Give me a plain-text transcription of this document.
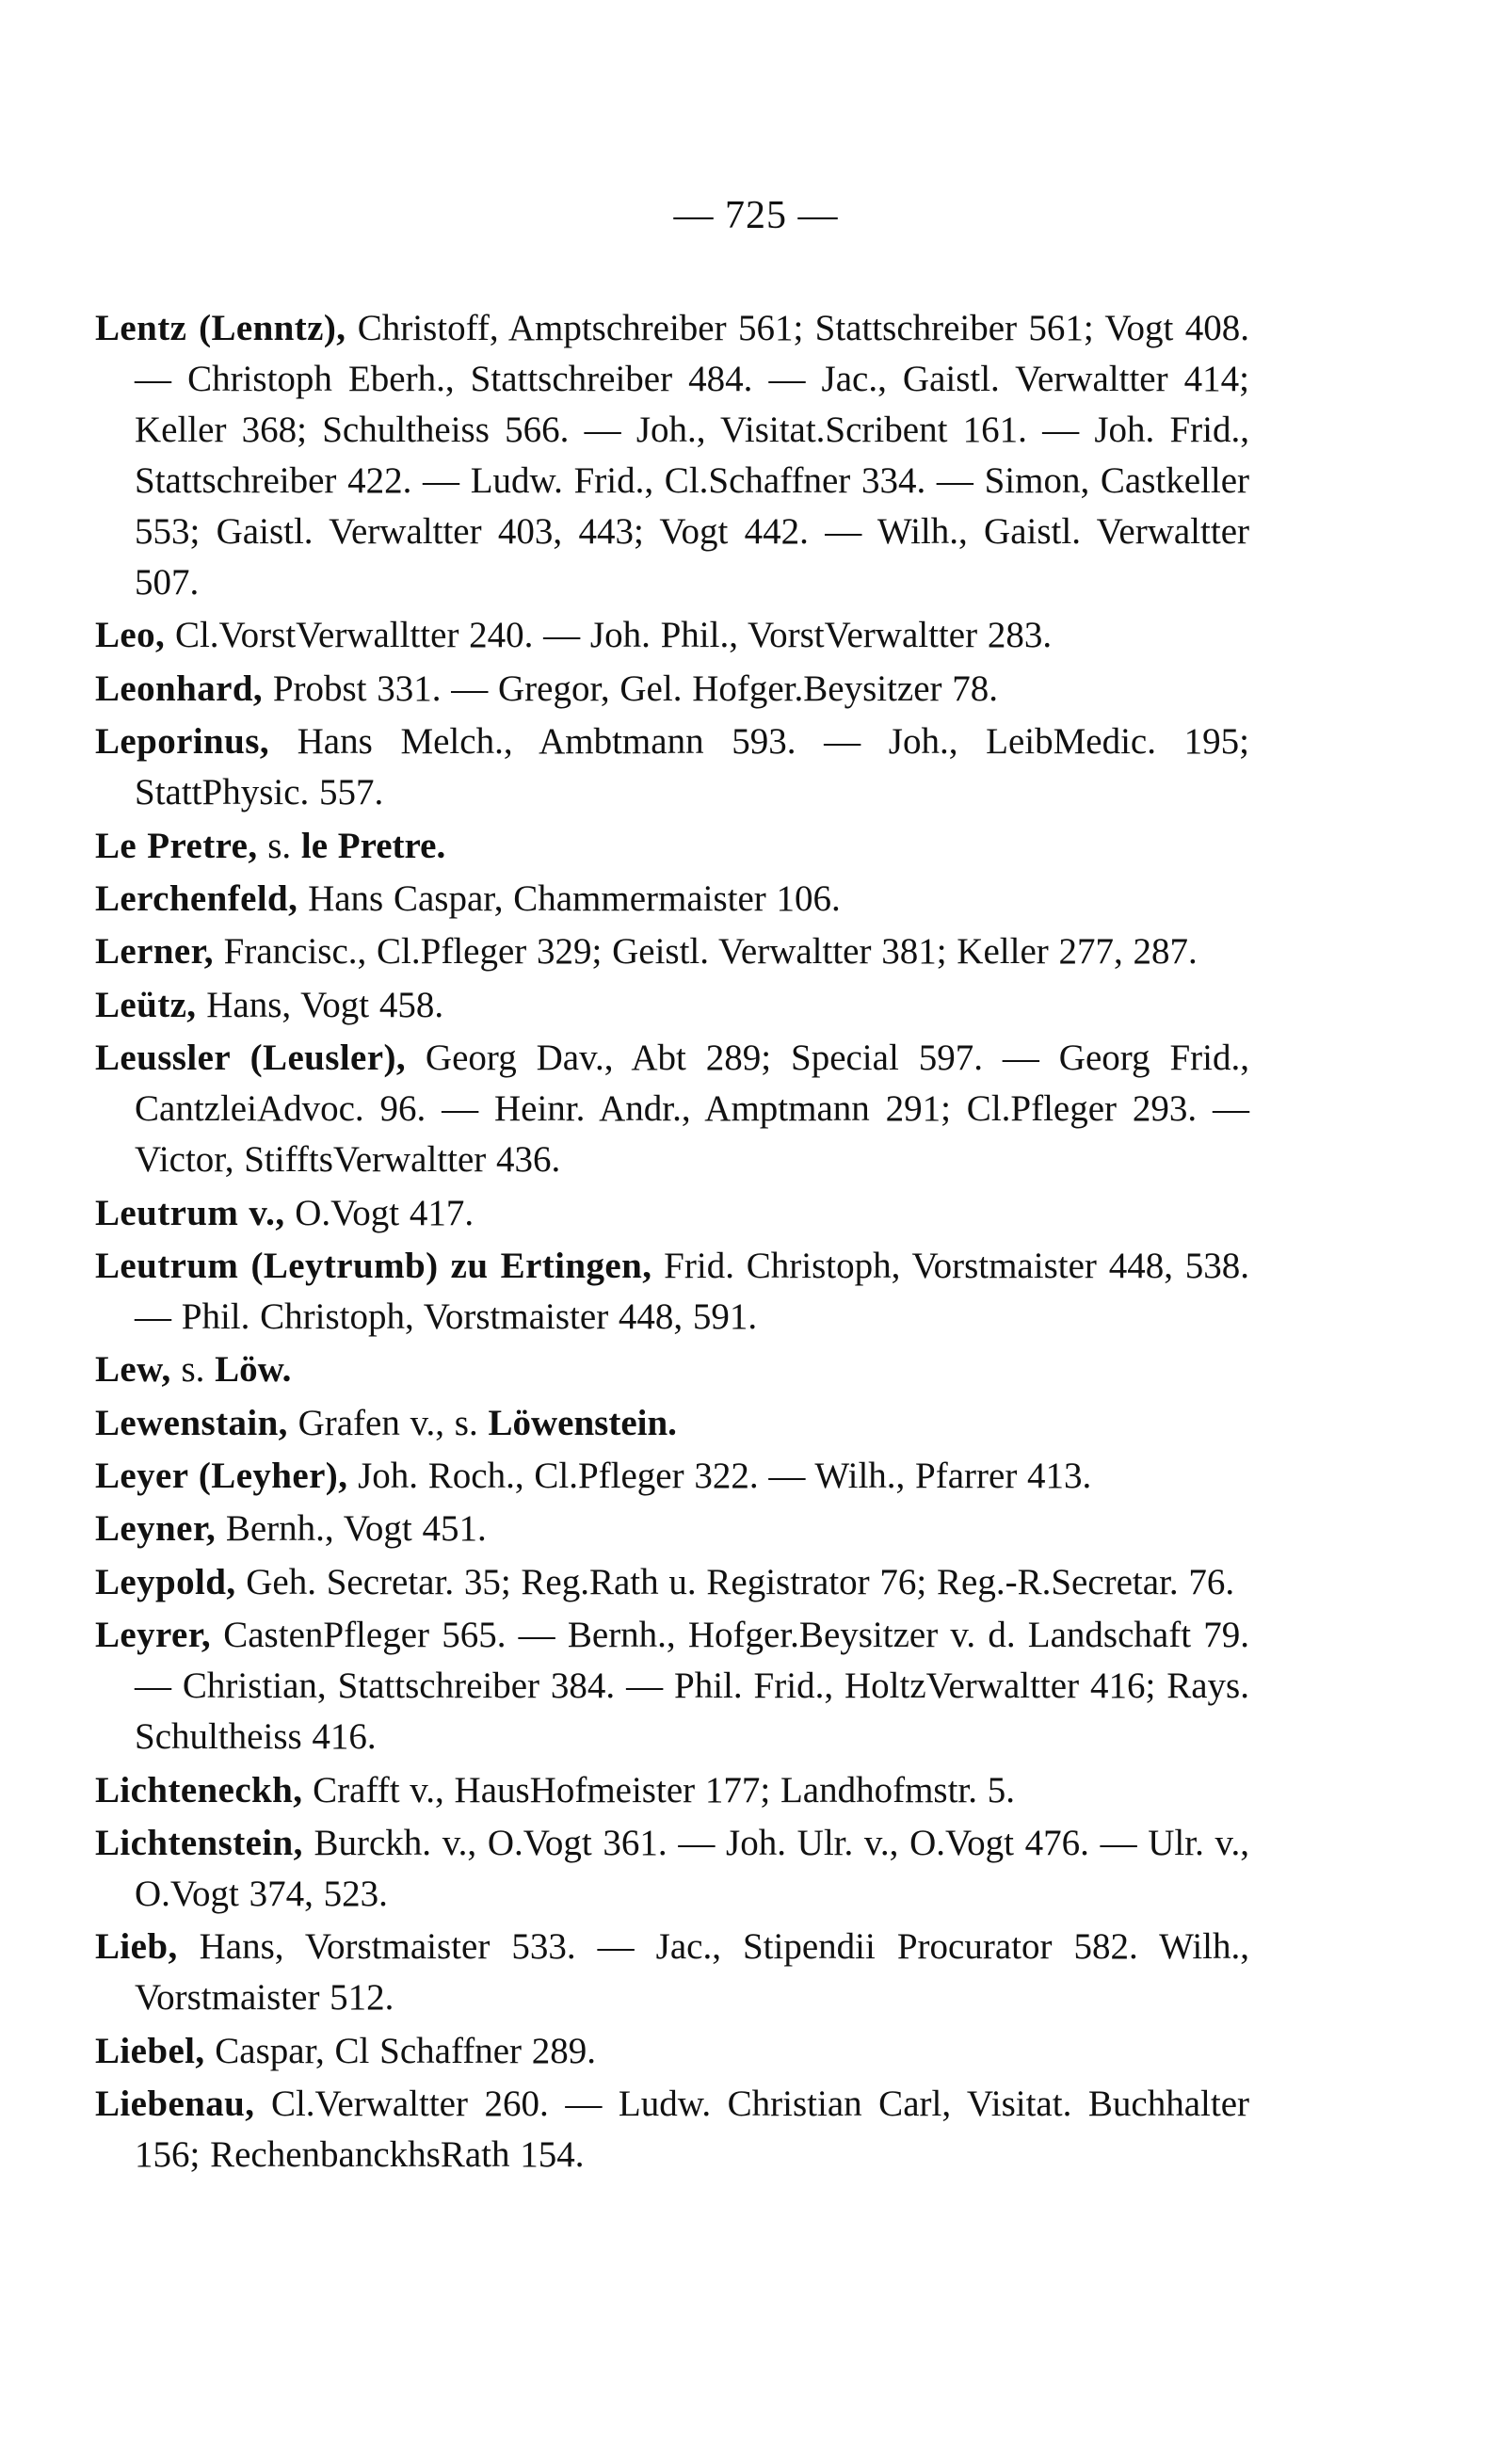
— 725 —

Lentz (Lenntz), Christoff, Amptschreiber 561; Stattschreiber 561; Vogt 408. — Christoph Eberh., Stattschreiber 484. — Jac., Gaistl. Verwaltter 414; Keller 368; Schultheiss 566. — Joh., Visitat.Scribent 161. — Joh. Frid., Stattschreiber 422. — Ludw. Frid., Cl.Schaffner 334. — Simon, Castkeller 553; Gaistl. Verwaltter 403, 443; Vogt 442. — Wilh., Gaistl. Verwaltter 507.

Leo, Cl.VorstVerwalltter 240. — Joh. Phil., VorstVerwaltter 283.

Leonhard, Probst 331. — Gregor, Gel. Hofger.Beysitzer 78.

Leporinus, Hans Melch., Ambtmann 593. — Joh., LeibMedic. 195; StattPhysic. 557.

Le Pretre, s. le Pretre.

Lerchenfeld, Hans Caspar, Chammermaister 106.

Lerner, Francisc., Cl.Pfleger 329; Geistl. Verwaltter 381; Keller 277, 287.

Leütz, Hans, Vogt 458.

Leussler (Leusler), Georg Dav., Abt 289; Special 597. — Georg Frid., CantzleiAdvoc. 96. — Heinr. Andr., Amptmann 291; Cl.Pfleger 293. — Victor, StifftsVerwaltter 436.

Leutrum v., O.Vogt 417.

Leutrum (Leytrumb) zu Ertingen, Frid. Christoph, Vorstmaister 448, 538. — Phil. Christoph, Vorstmaister 448, 591.

Lew, s. Löw.

Lewenstain, Grafen v., s. Löwenstein.

Leyer (Leyher), Joh. Roch., Cl.Pfleger 322. — Wilh., Pfarrer 413.

Leyner, Bernh., Vogt 451.

Leypold, Geh. Secretar. 35; Reg.Rath u. Registrator 76; Reg.-R.Secretar. 76.

Leyrer, CastenPfleger 565. — Bernh., Hofger.Beysitzer v. d. Landschaft 79. — Christian, Stattschreiber 384. — Phil. Frid., HoltzVerwaltter 416; Rays. Schultheiss 416.

Lichteneckh, Crafft v., HausHofmeister 177; Landhofmstr. 5.

Lichtenstein, Burckh. v., O.Vogt 361. — Joh. Ulr. v., O.Vogt 476. — Ulr. v., O.Vogt 374, 523.

Lieb, Hans, Vorstmaister 533. — Jac., Stipendii Procurator 582. Wilh., Vorstmaister 512.

Liebel, Caspar, Cl Schaffner 289.

Liebenau, Cl.Verwaltter 260. — Ludw. Christian Carl, Visitat. Buchhalter 156; RechenbanckhsRath 154.
